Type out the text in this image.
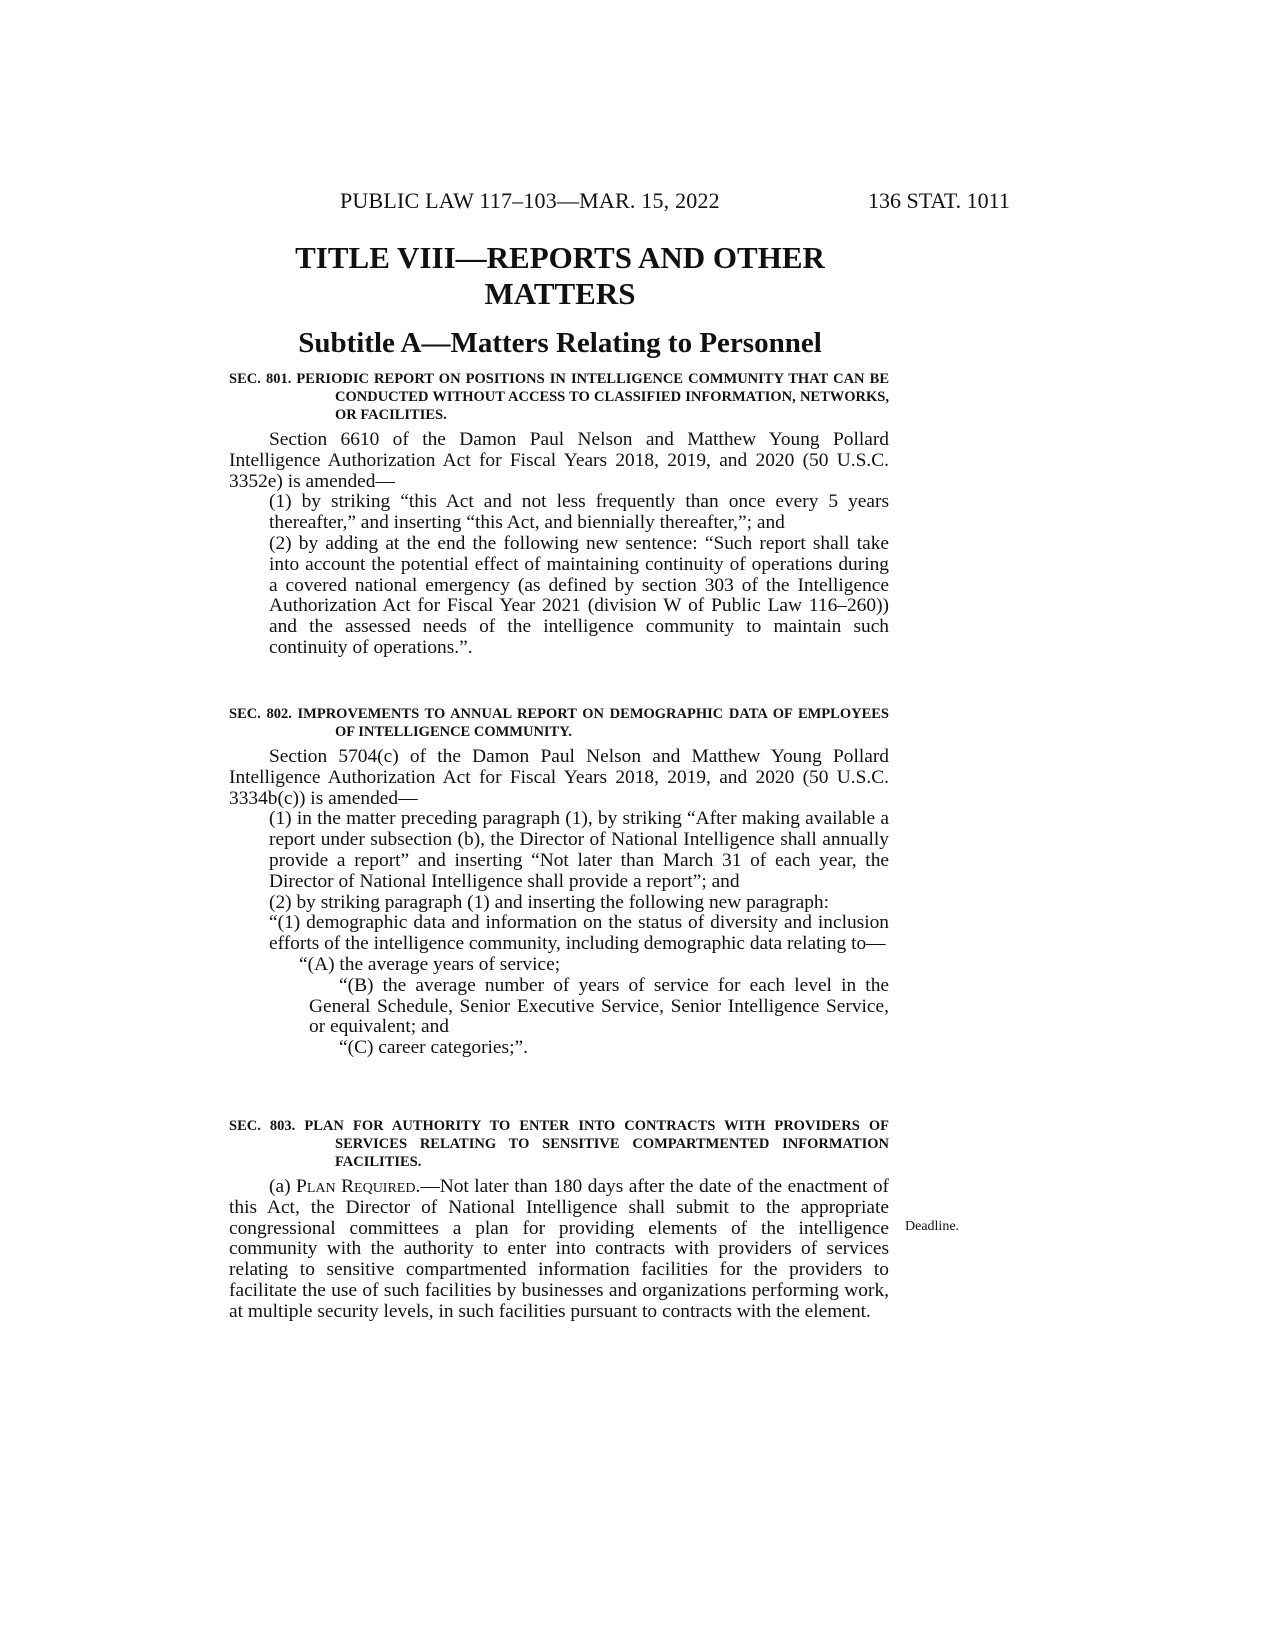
PUBLIC LAW 117–103—MAR. 15, 2022	136 STAT. 1011
TITLE VIII—REPORTS AND OTHER
MATTERS
Subtitle A—Matters Relating to Personnel

SEC. 801. PERIODIC REPORT ON POSITIONS IN INTELLIGENCE COMMUNITY THAT CAN BE CONDUCTED WITHOUT ACCESS TO CLASSIFIED INFORMATION, NETWORKS, OR FACILITIES.

Section 6610 of the Damon Paul Nelson and Matthew Young Pollard Intelligence Authorization Act for Fiscal Years 2018, 2019, and 2020 (50 U.S.C. 3352e) is amended—

(1) by striking “this Act and not less frequently than once every 5 years thereafter,” and inserting “this Act, and biennially thereafter,”; and

(2) by adding at the end the following new sentence: “Such report shall take into account the potential effect of maintaining continuity of operations during a covered national emergency (as defined by section 303 of the Intelligence Authorization Act for Fiscal Year 2021 (division W of Public Law 116–260)) and the assessed needs of the intelligence community to maintain such continuity of operations.”.

SEC. 802. IMPROVEMENTS TO ANNUAL REPORT ON DEMOGRAPHIC DATA OF EMPLOYEES OF INTELLIGENCE COMMUNITY.

Section 5704(c) of the Damon Paul Nelson and Matthew Young Pollard Intelligence Authorization Act for Fiscal Years 2018, 2019, and 2020 (50 U.S.C. 3334b(c)) is amended—

(1) in the matter preceding paragraph (1), by striking “After making available a report under subsection (b), the Director of National Intelligence shall annually provide a report” and inserting “Not later than March 31 of each year, the Director of National Intelligence shall provide a report”; and

(2) by striking paragraph (1) and inserting the following new paragraph:

“(1) demographic data and information on the status of diversity and inclusion efforts of the intelligence community, including demographic data relating to—

“(A) the average years of service;

“(B) the average number of years of service for each level in the General Schedule, Senior Executive Service, Senior Intelligence Service, or equivalent; and

“(C) career categories;”.

SEC. 803. PLAN FOR AUTHORITY TO ENTER INTO CONTRACTS WITH PROVIDERS OF SERVICES RELATING TO SENSITIVE COMPARTMENTED INFORMATION FACILITIES.

(a) Plan Required.—Not later than 180 days after the date of the enactment of this Act, the Director of National Intelligence shall submit to the appropriate congressional committees a plan for providing elements of the intelligence community with the authority to enter into contracts with providers of services relating to sensitive compartmented information facilities for the providers to facilitate the use of such facilities by businesses and organizations performing work, at multiple security levels, in such facilities pursuant to contracts with the element.

Deadline.
